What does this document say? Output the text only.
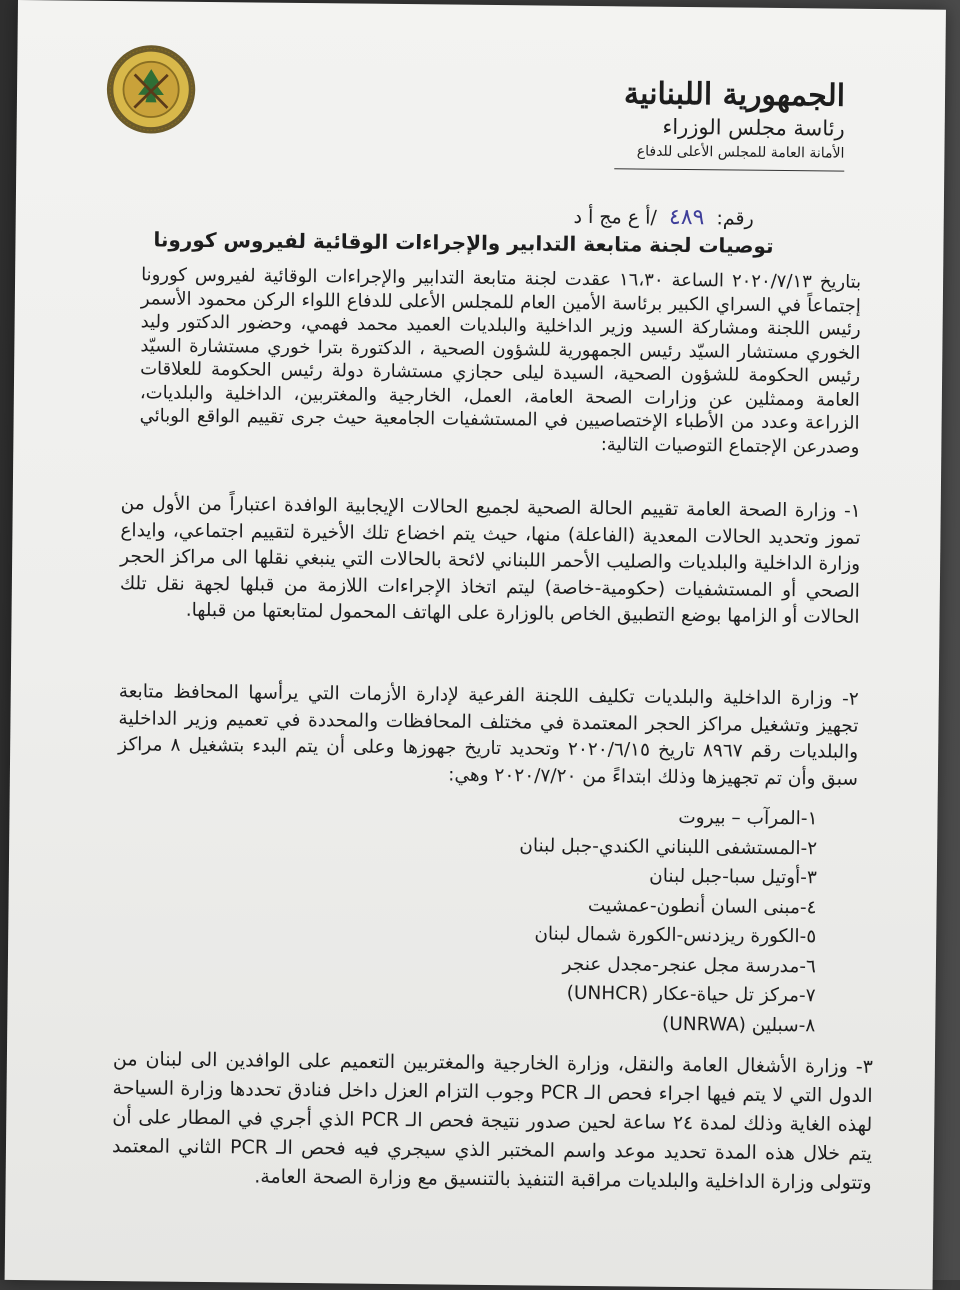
الجمهورية اللبنانية
رئاسة مجلس الوزراء
الأمانة العامة للمجلس الأعلى للدفاع
رقم: ٤٨٩ /أ ع مج أ د
توصيات لجنة متابعة التدابير والإجراءات الوقائية لفيروس كورونا
بتاريخ ٢٠٢٠/٧/١٣ الساعة ١٦،٣٠ عقدت لجنة متابعة التدابير والإجراءات الوقائية لفيروس كورونا إجتماعاً في السراي الكبير برئاسة الأمين العام للمجلس الأعلى للدفاع اللواء الركن محمود الأسمر رئيس اللجنة ومشاركة السيد وزير الداخلية والبلديات العميد محمد فهمي، وحضور الدكتور وليد الخوري مستشار السيّد رئيس الجمهورية للشؤون الصحية ، الدكتورة بترا خوري مستشارة السيّد رئيس الحكومة للشؤون الصحية، السيدة ليلى حجازي مستشارة دولة رئيس الحكومة للعلاقات العامة وممثلين عن وزارات الصحة العامة، العمل، الخارجية والمغتربين، الداخلية والبلديات، الزراعة وعدد من الأطباء الإختصاصيين في المستشفيات الجامعية حيث جرى تقييم الواقع الوبائي وصدرعن الإجتماع التوصيات التالية:
١- وزارة الصحة العامة تقييم الحالة الصحية لجميع الحالات الإيجابية الوافدة اعتباراً من الأول من تموز وتحديد الحالات المعدية (الفاعلة) منها، حيث يتم اخضاع تلك الأخيرة لتقييم اجتماعي، وايداع وزارة الداخلية والبلديات والصليب الأحمر اللبناني لائحة بالحالات التي ينبغي نقلها الى مراكز الحجر الصحي أو المستشفيات (حكومية-خاصة) ليتم اتخاذ الإجراءات اللازمة من قبلها لجهة نقل تلك الحالات أو الزامها بوضع التطبيق الخاص بالوزارة على الهاتف المحمول لمتابعتها من قبلها.
٢- وزارة الداخلية والبلديات تكليف اللجنة الفرعية لإدارة الأزمات التي يرأسها المحافظ متابعة تجهيز وتشغيل مراكز الحجر المعتمدة في مختلف المحافظات والمحددة في تعميم وزير الداخلية والبلديات رقم ٨٩٦٧ تاريخ ٢٠٢٠/٦/١٥ وتحديد تاريخ جهوزها وعلى أن يتم البدء بتشغيل ٨ مراكز سبق وأن تم تجهيزها وذلك ابتداءً من ٢٠٢٠/٧/٢٠ وهي:
١-المرآب – بيروت
٢-المستشفى اللبناني الكندي-جبل لبنان
٣-أوتيل سبا-جبل لبنان
٤-مبنى السان أنطون-عمشيت
٥-الكورة ريزدنس-الكورة شمال لبنان
٦-مدرسة مجل عنجر-مجدل عنجر
٧-مركز تل حياة-عكار (UNHCR)
٨-سبلين (UNRWA)
٣- وزارة الأشغال العامة والنقل، وزارة الخارجية والمغتربين التعميم على الوافدين الى لبنان من الدول التي لا يتم فيها اجراء فحص الـ PCR وجوب التزام العزل داخل فنادق تحددها وزارة السياحة لهذه الغاية وذلك لمدة ٢٤ ساعة لحين صدور نتيجة فحص الـ PCR الذي أجري في المطار على أن يتم خلال هذه المدة تحديد موعد واسم المختبر الذي سيجري فيه فحص الـ PCR الثاني المعتمد وتتولى وزارة الداخلية والبلديات مراقبة التنفيذ بالتنسيق مع وزارة الصحة العامة.
